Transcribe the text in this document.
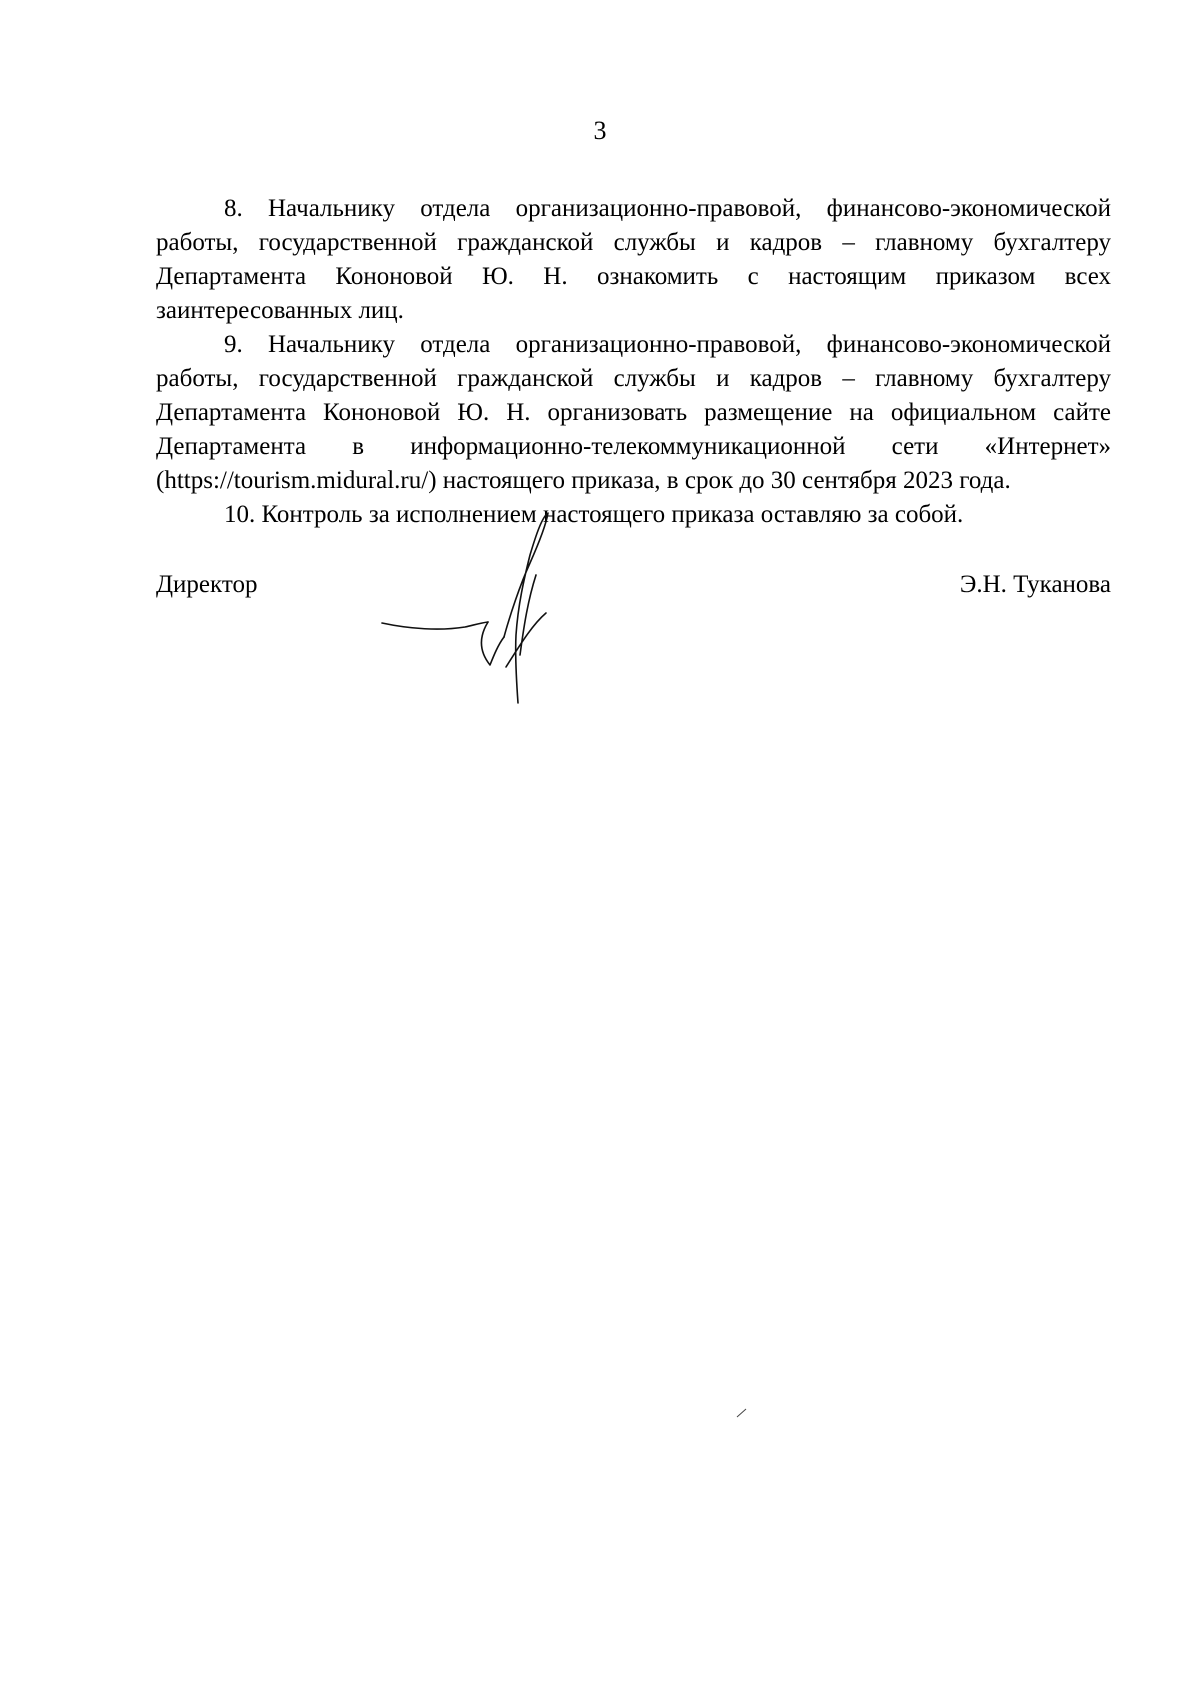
3

8. Начальнику отдела организационно-правовой, финансово-экономической работы, государственной гражданской службы и кадров – главному бухгалтеру Департамента Кононовой Ю. Н. ознакомить с настоящим приказом всех заинтересованных лиц.

9. Начальнику отдела организационно-правовой, финансово-экономической работы, государственной гражданской службы и кадров – главному бухгалтеру Департамента Кононовой Ю. Н. организовать размещение на официальном сайте Департамента в информационно-телекоммуникационной сети «Интернет» (https://tourism.midural.ru/) настоящего приказа, в срок до 30 сентября 2023 года.

10. Контроль за исполнением настоящего приказа оставляю за собой.

Директор	Э.Н. Туканова
